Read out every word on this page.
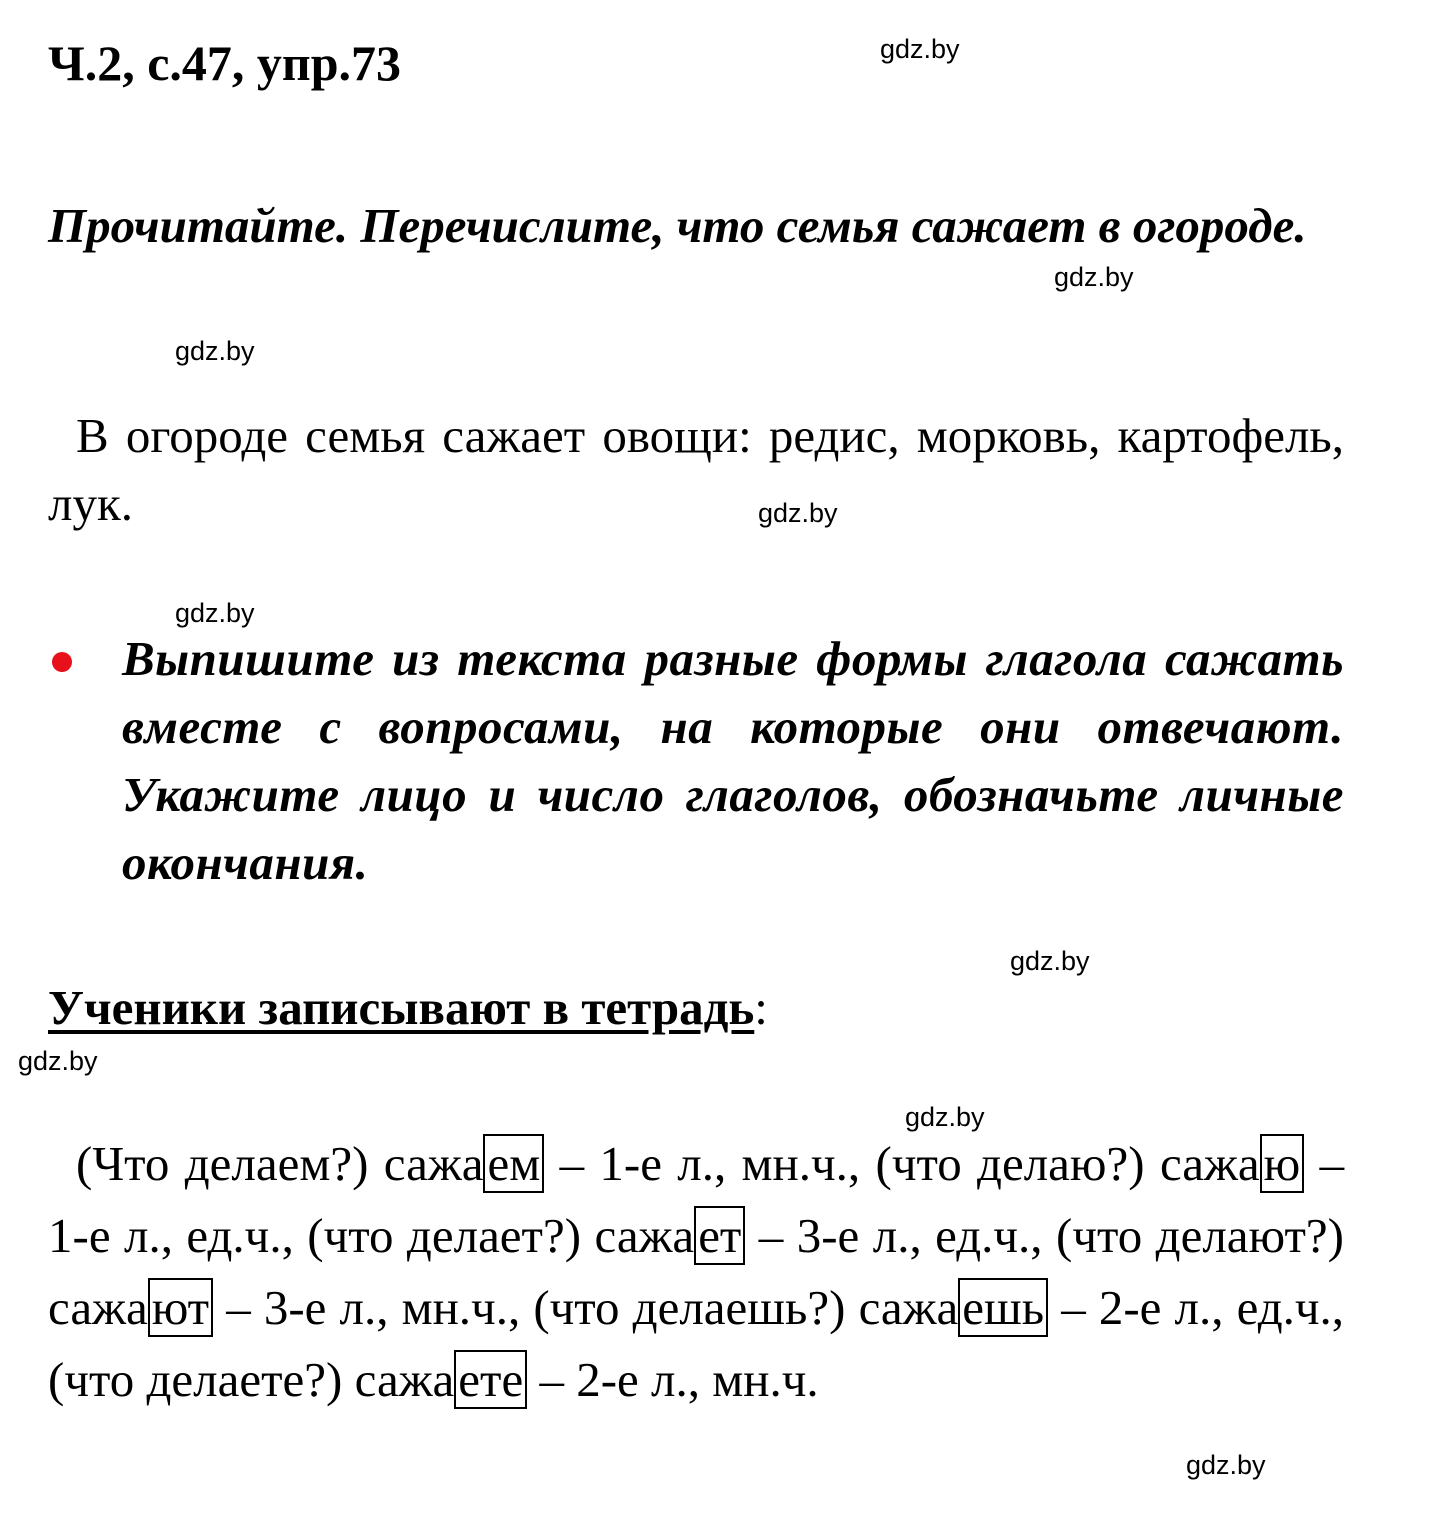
Ч.2, с.47, упр.73	gdz.by
gdz.by
gdz.by
gdz.by
gdz.by
gdz.by
gdz.by
gdz.by
gdz.by
Прочитайте. Перечислите, что семья сажает в огороде.
В огороде семья сажает овощи: редис, морковь, картофель, лук.
Выпишите из текста разные формы глагола сажать вместе с вопросами, на которые они отвечают. Укажите лицо и число глаголов, обозначьте личные окончания.
Ученики записывают в тетрадь:
(Что делаем?) сажаем – 1-е л., мн.ч., (что делаю?) сажаю – 1-е л., ед.ч., (что делает?) сажает – 3-е л., ед.ч., (что делают?) сажают – 3-е л., мн.ч., (что делаешь?) сажаешь – 2-е л., ед.ч., (что делаете?) сажаете – 2-е л., мн.ч.
